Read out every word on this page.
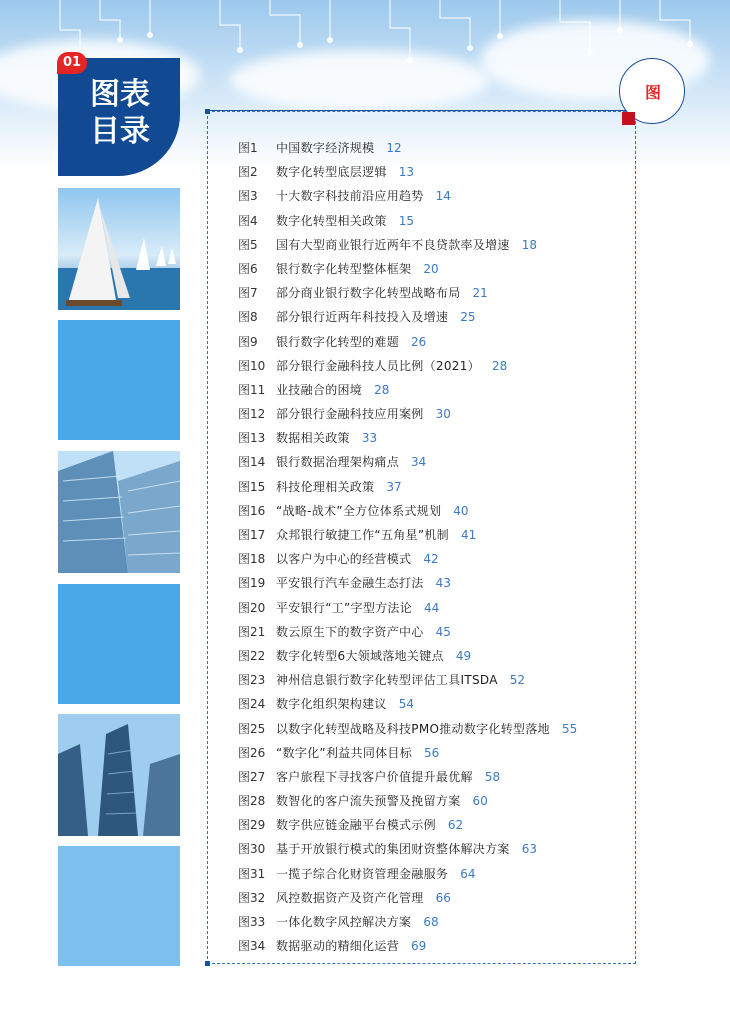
图表
目录
01
图
图1 中国数字经济规模 12
图2 数字化转型底层逻辑 13
图3 十大数字科技前沿应用趋势 14
图4 数字化转型相关政策 15
图5 国有大型商业银行近两年不良贷款率及增速 18
图6 银行数字化转型整体框架 20
图7 部分商业银行数字化转型战略布局 21
图8 部分银行近两年科技投入及增速 25
图9 银行数字化转型的难题 26
图10 部分银行金融科技人员比例（2021） 28
图11 业技融合的困境 28
图12 部分银行金融科技应用案例 30
图13 数据相关政策 33
图14 银行数据治理架构痛点 34
图15 科技伦理相关政策 37
图16 “战略-战术”全方位体系式规划 40
图17 众邦银行敏捷工作“五角星”机制 41
图18 以客户为中心的经营模式 42
图19 平安银行汽车金融生态打法 43
图20 平安银行“工”字型方法论 44
图21 数云原生下的数字资产中心 45
图22 数字化转型6大领域落地关键点 49
图23 神州信息银行数字化转型评估工具ITSDA 52
图24 数字化组织架构建议 54
图25 以数字化转型战略及科技PMO推动数字化转型落地 55
图26 “数字化”利益共同体目标 56
图27 客户旅程下寻找客户价值提升最优解 58
图28 数智化的客户流失预警及挽留方案 60
图29 数字供应链金融平台模式示例 62
图30 基于开放银行模式的集团财资整体解决方案 63
图31 一揽子综合化财资管理金融服务 64
图32 风控数据资产及资产化管理 66
图33 一体化数字风控解决方案 68
图34 数据驱动的精细化运营 69
